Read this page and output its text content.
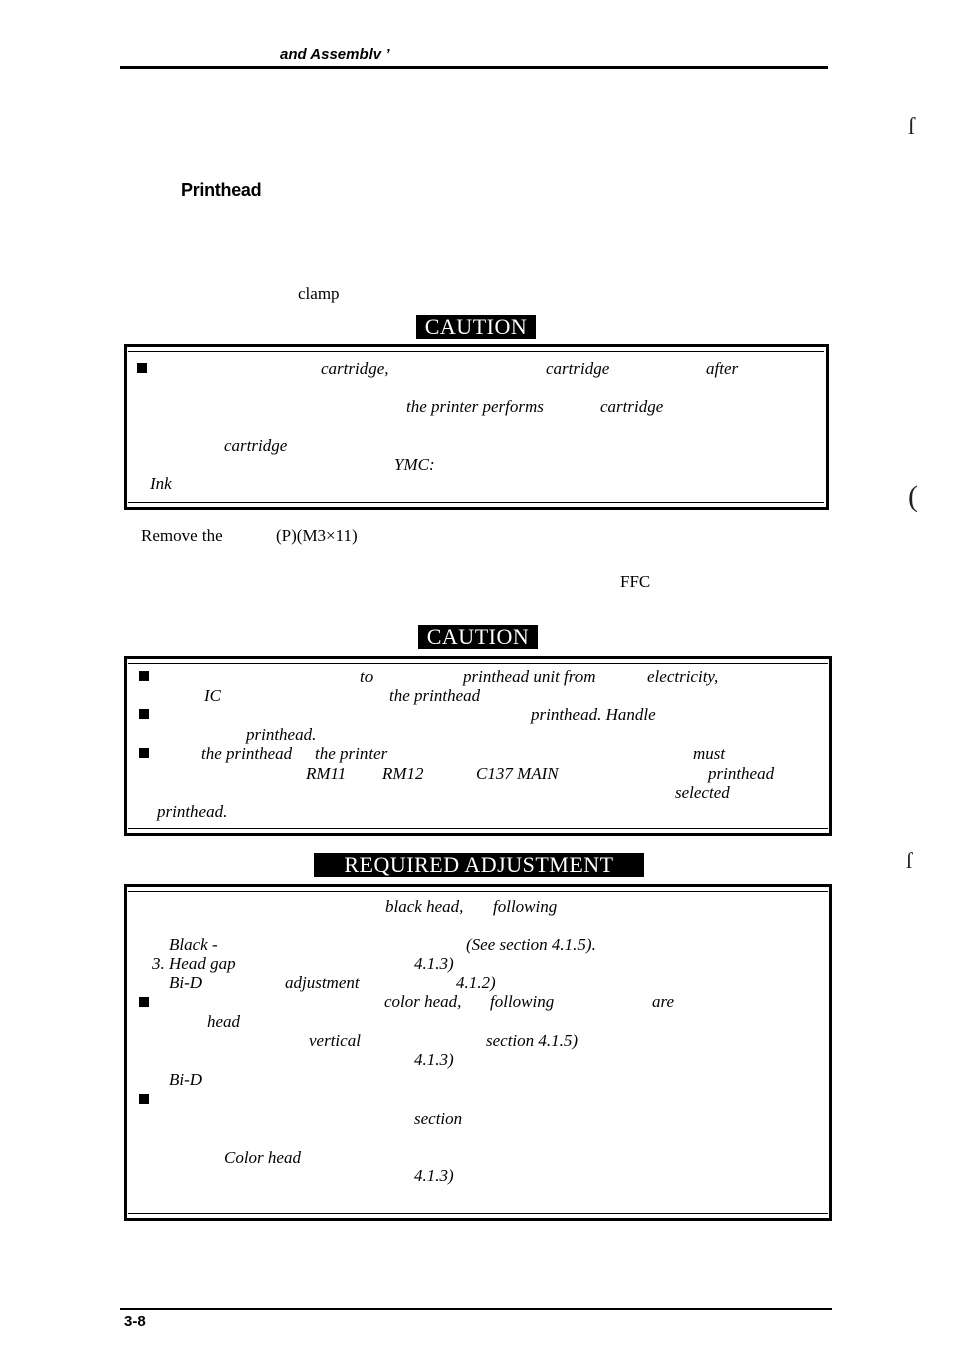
and Assemblv ’
ſ
(
ſ
Printhead
clamp
CAUTION
cartridge,	cartridge	after
the printer performs	cartridge
cartridge
YMC:
Ink
Remove the	(P)(M3×11)
FFC
CAUTION
to	printhead unit from	electricity,
IC	the printhead
printhead. Handle
printhead.
the printhead the printer	must
RM11 RM12	C137 MAIN	printhead
selected
printhead.
REQUIRED ADJUSTMENT
black head, following
Black -	(See section 4.1.5).
3. Head gap	4.1.3)
Bi-D	adjustment	4.1.2)
color head, following	are
head
vertical	section 4.1.5)
4.1.3)
Bi-D
section
Color head
4.1.3)
3-8
